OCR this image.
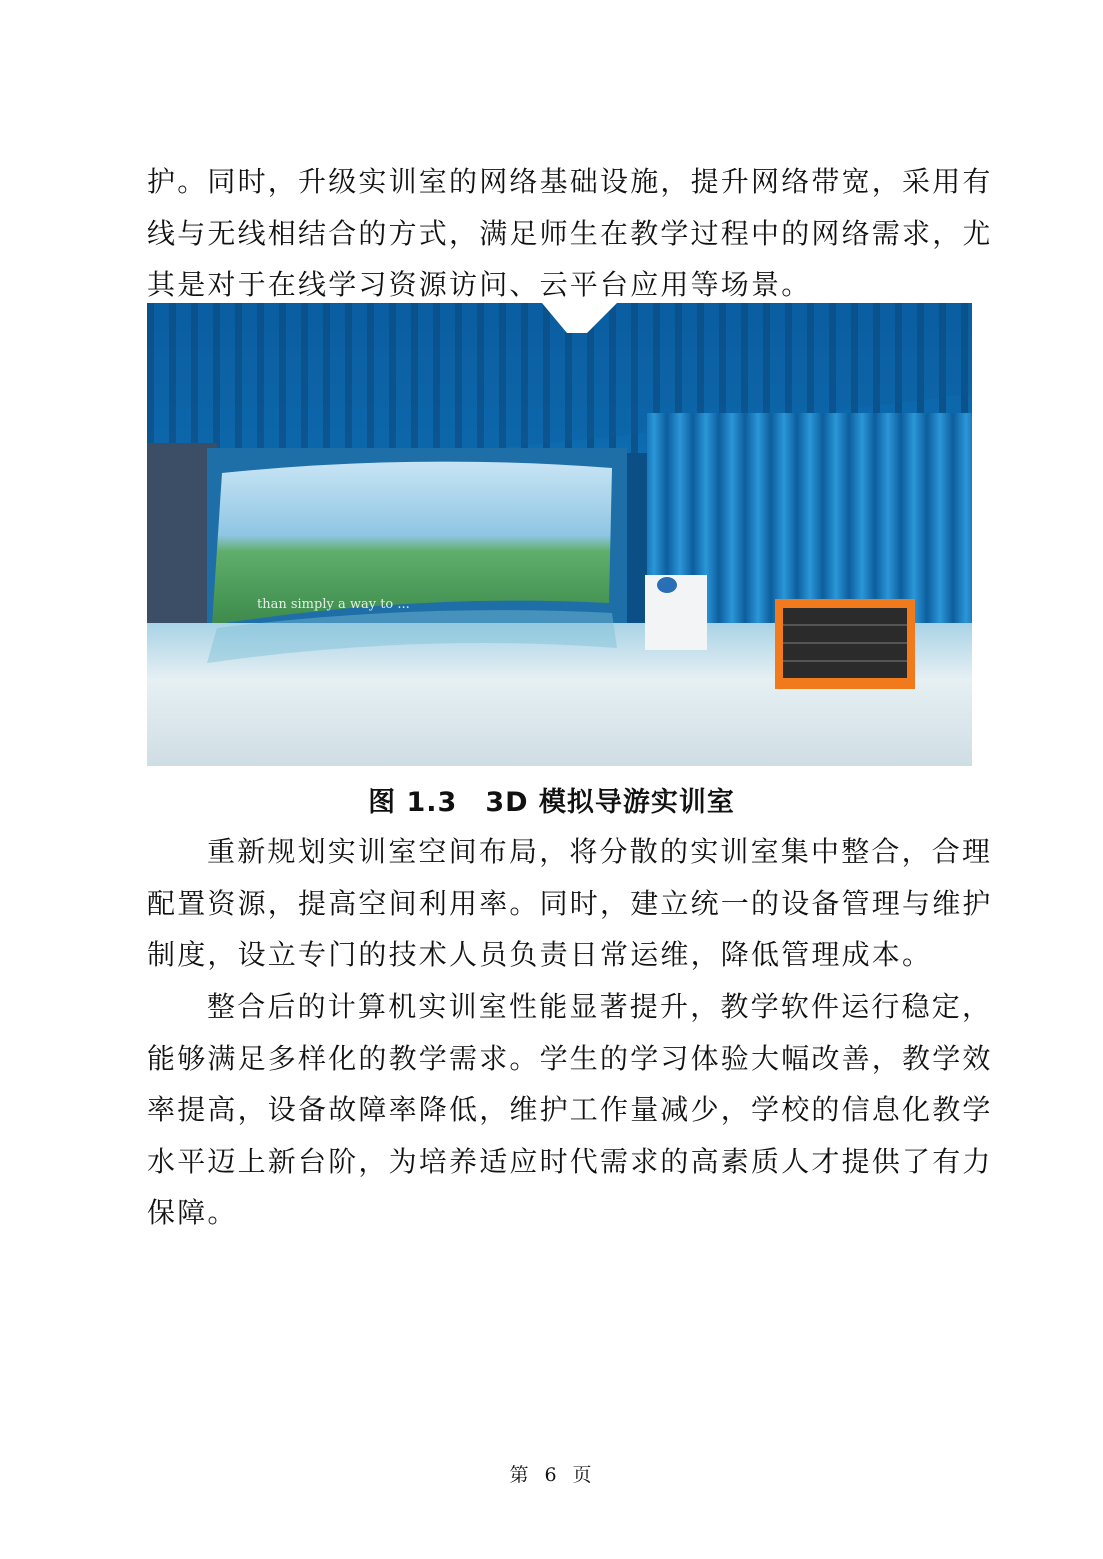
护。同时，升级实训室的网络基础设施，提升网络带宽，采用有
线与无线相结合的方式，满足师生在教学过程中的网络需求，尤
其是对于在线学习资源访问、云平台应用等场景。
than simply a way to ...
图 1.3 3D 模拟导游实训室
重新规划实训室空间布局，将分散的实训室集中整合，合理
配置资源，提高空间利用率。同时，建立统一的设备管理与维护
制度，设立专门的技术人员负责日常运维，降低管理成本。
整合后的计算机实训室性能显著提升，教学软件运行稳定，
能够满足多样化的教学需求。学生的学习体验大幅改善，教学效
率提高，设备故障率降低，维护工作量减少，学校的信息化教学
水平迈上新台阶，为培养适应时代需求的高素质人才提供了有力
保障。
第 6 页
